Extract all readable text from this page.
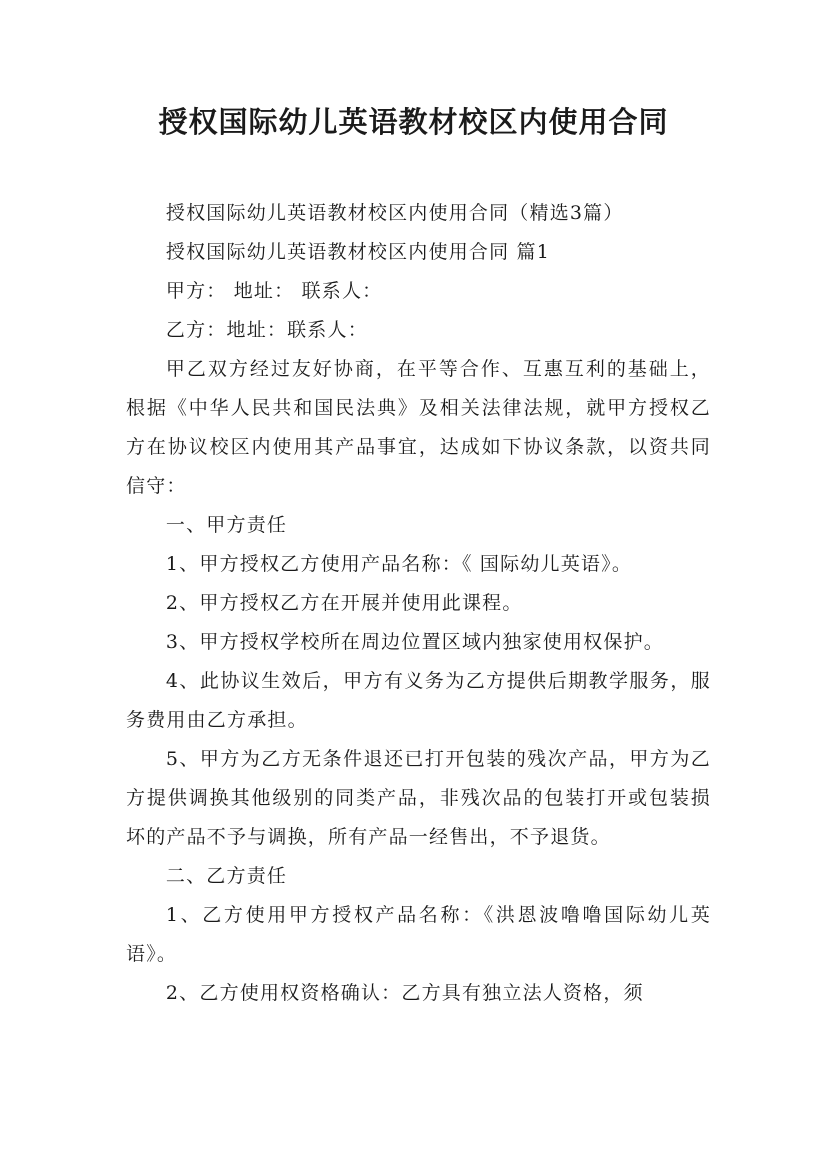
授权国际幼儿英语教材校区内使用合同

授权国际幼儿英语教材校区内使用合同（精选3篇）

授权国际幼儿英语教材校区内使用合同 篇1

甲方： 地址： 联系人：

乙方：地址：联系人：

甲乙双方经过友好协商，在平等合作、互惠互利的基础上，根据《中华人民共和国民法典》及相关法律法规，就甲方授权乙方在协议校区内使用其产品事宜，达成如下协议条款，以资共同信守：

一、甲方责任

1、甲方授权乙方使用产品名称：《 国际幼儿英语》。

2、甲方授权乙方在开展并使用此课程。

3、甲方授权学校所在周边位置区域内独家使用权保护。

4、此协议生效后，甲方有义务为乙方提供后期教学服务，服务费用由乙方承担。

5、甲方为乙方无条件退还已打开包装的残次产品，甲方为乙方提供调换其他级别的同类产品，非残次品的包装打开或包装损坏的产品不予与调换，所有产品一经售出，不予退货。

二、乙方责任

1、乙方使用甲方授权产品名称：《洪恩波噜噜国际幼儿英语》。

2、乙方使用权资格确认：乙方具有独立法人资格，须
